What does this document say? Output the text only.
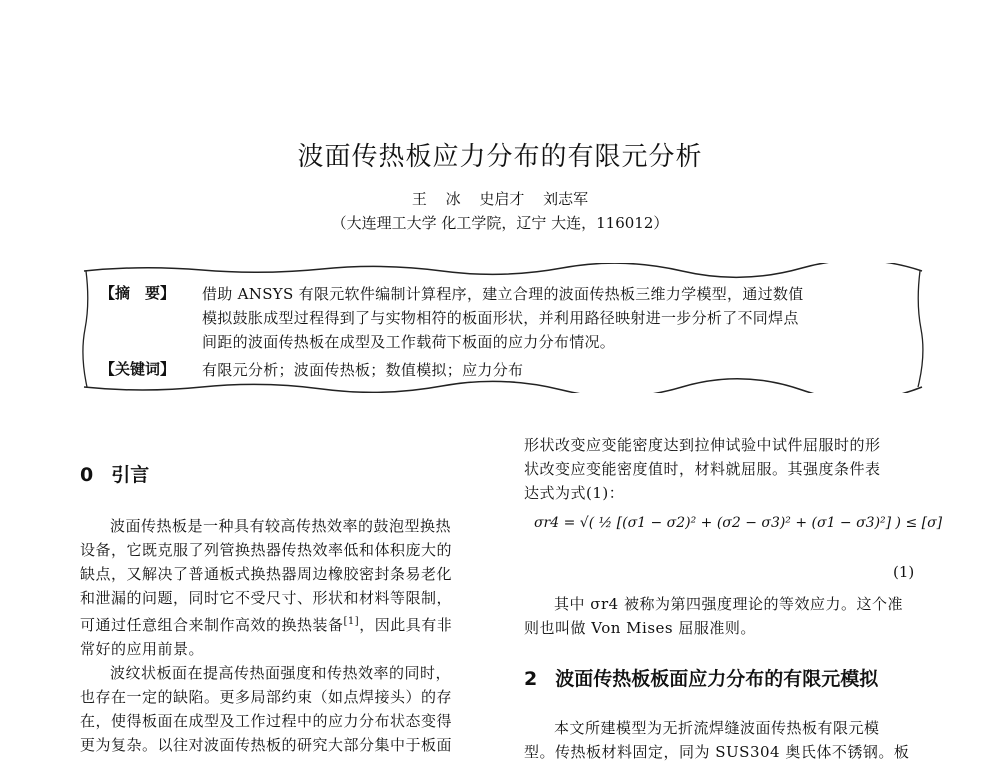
波面传热板应力分布的有限元分析
王 冰 史启才 刘志军
（大连理工大学 化工学院，辽宁 大连，116012）
【摘　要】 借助 ANSYS 有限元软件编制计算程序，建立合理的波面传热板三维力学模型，通过数值
模拟鼓胀成型过程得到了与实物相符的板面形状，并利用路径映射进一步分析了不同焊点
间距的波面传热板在成型及工作载荷下板面的应力分布情况。
【关键词】 有限元分析；波面传热板；数值模拟；应力分布
0 引言
波面传热板是一种具有较高传热效率的鼓泡型换热
设备，它既克服了列管换热器传热效率低和体积庞大的
缺点，又解决了普通板式换热器周边橡胶密封条易老化
和泄漏的问题，同时它不受尺寸、形状和材料等限制，
可通过任意组合来制作高效的换热装备[1]，因此具有非
常好的应用前景。
波纹状板面在提高传热面强度和传热效率的同时，
也存在一定的缺陷。更多局部约束（如点焊接头）的存
在，使得板面在成型及工作过程中的应力分布状态变得
更为复杂。以往对波面传热板的研究大部分集中于板面
形状改变应变能密度达到拉伸试验中试件屈服时的形
状改变应变能密度值时，材料就屈服。其强度条件表
达式为式(1)：
σr4 = √( ½ [(σ1 − σ2)² + (σ2 − σ3)² + (σ1 − σ3)²] ) ≤ [σ]
(1)
其中 σr4 被称为第四强度理论的等效应力。这个准
则也叫做 Von Mises 屈服准则。
2 波面传热板板面应力分布的有限元模拟
本文所建模型为无折流焊缝波面传热板有限元模
型。传热板材料固定，同为 SUS304 奥氏体不锈钢。板
